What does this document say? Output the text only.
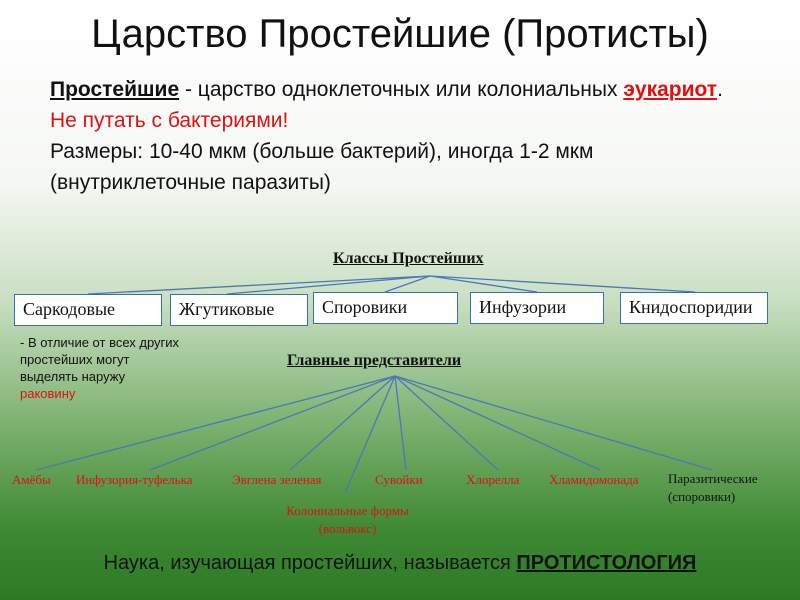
Царство Простейшие (Протисты)
Простейшие - царство одноклеточных или колониальных эукариот.
Не путать с бактериями!
Размеры: 10-40 мкм (больше бактерий), иногда 1-2 мкм
(внутриклеточные паразиты)
Классы Простейших
Саркодовые	Жгутиковые	Споровики	Инфузории	Книдоспоридии
- В отличие от всех других простейших могут выделять наружу раковину
Главные представители
Амёбы Инфузория-туфелька	Эвглена зеленая
Колониальные формы (вольвокс)
Сувойки	Хлорелла Хламидомонада Паразитические (споровики)
Наука, изучающая простейших, называется ПРОТИСТОЛОГИЯ
